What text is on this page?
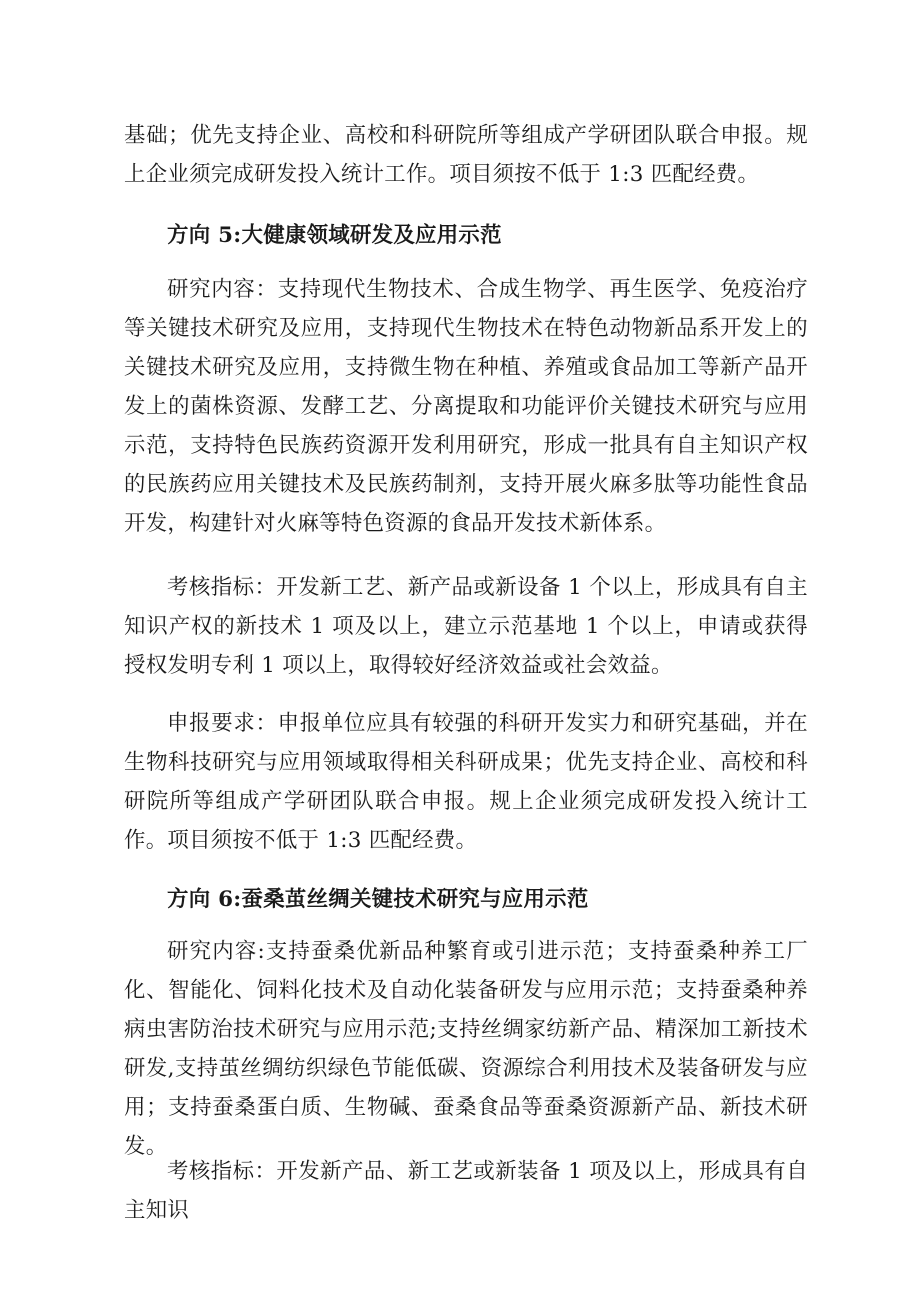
基础；优先支持企业、高校和科研院所等组成产学研团队联合申报。规上企业须完成研发投入统计工作。项目须按不低于 1:3 匹配经费。

方向 5:大健康领域研发及应用示范

研究内容：支持现代生物技术、合成生物学、再生医学、免疫治疗等关键技术研究及应用，支持现代生物技术在特色动物新品系开发上的关键技术研究及应用，支持微生物在种植、养殖或食品加工等新产品开发上的菌株资源、发酵工艺、分离提取和功能评价关键技术研究与应用示范，支持特色民族药资源开发利用研究，形成一批具有自主知识产权的民族药应用关键技术及民族药制剂，支持开展火麻多肽等功能性食品开发，构建针对火麻等特色资源的食品开发技术新体系。

考核指标：开发新工艺、新产品或新设备 1 个以上，形成具有自主知识产权的新技术 1 项及以上，建立示范基地 1 个以上，申请或获得授权发明专利 1 项以上，取得较好经济效益或社会效益。

申报要求：申报单位应具有较强的科研开发实力和研究基础，并在生物科技研究与应用领域取得相关科研成果；优先支持企业、高校和科研院所等组成产学研团队联合申报。规上企业须完成研发投入统计工作。项目须按不低于 1:3 匹配经费。

方向 6:蚕桑茧丝绸关键技术研究与应用示范

研究内容:支持蚕桑优新品种繁育或引进示范；支持蚕桑种养工厂化、智能化、饲料化技术及自动化装备研发与应用示范；支持蚕桑种养病虫害防治技术研究与应用示范;支持丝绸家纺新产品、精深加工新技术研发,支持茧丝绸纺织绿色节能低碳、资源综合利用技术及装备研发与应用；支持蚕桑蛋白质、生物碱、蚕桑食品等蚕桑资源新产品、新技术研发。

考核指标：开发新产品、新工艺或新装备 1 项及以上，形成具有自主知识
